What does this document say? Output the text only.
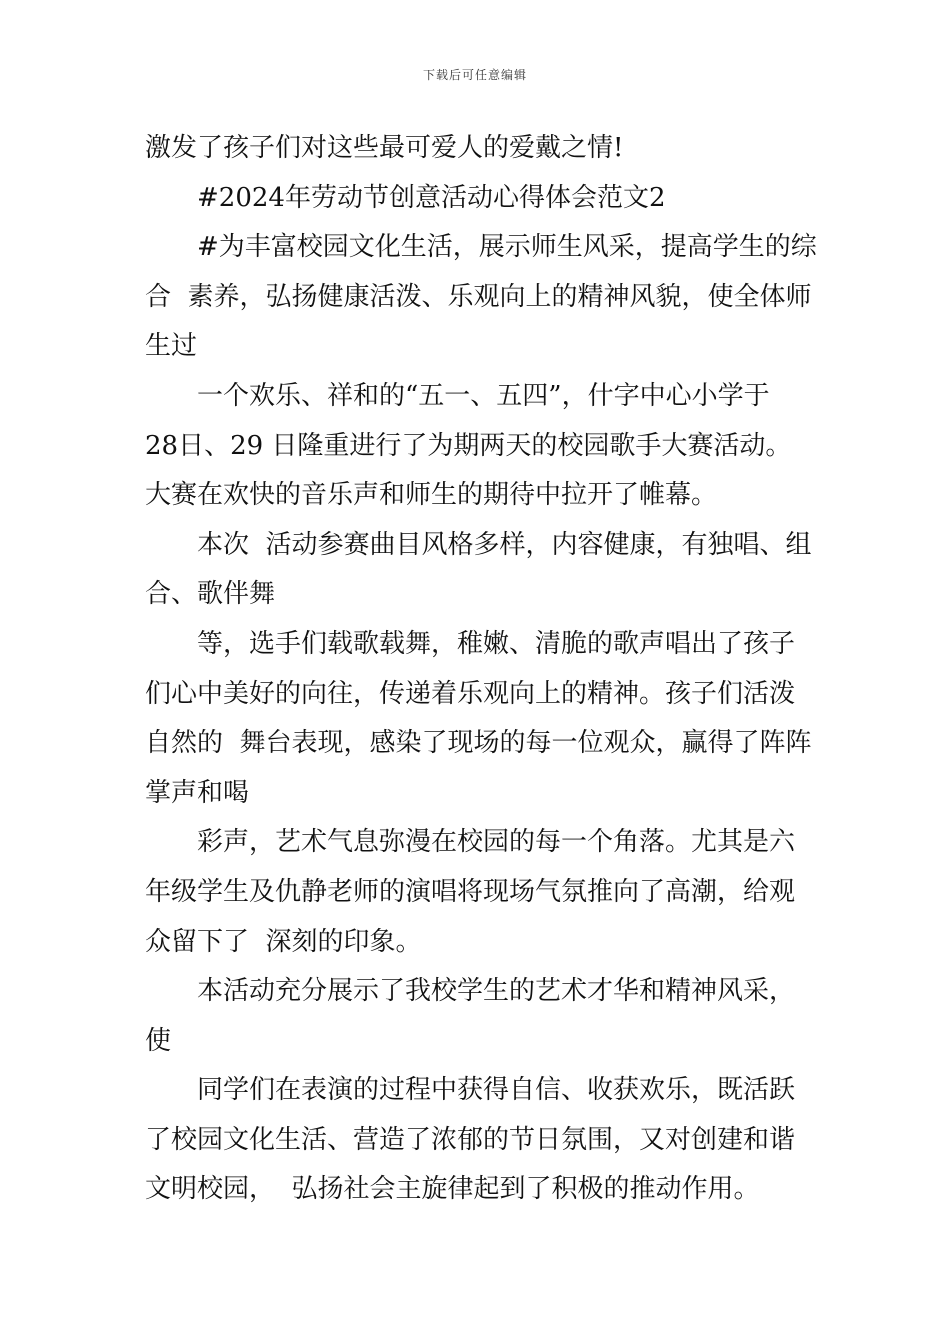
下载后可任意编辑
激发了孩子们对这些最可爱人的爱戴之情!
#2024年劳动节创意活动心得体会范文2
#为丰富校园文化生活，展示师生风采，提高学生的综
合  素养，弘扬健康活泼、乐观向上的精神风貌，使全体师
生过
一个欢乐、祥和的“五一、五四”，什字中心小学于
28日、29 日隆重进行了为期两天的校园歌手大赛活动。
大赛在欢快的音乐声和师生的期待中拉开了帷幕。
本次  活动参赛曲目风格多样，内容健康，有独唱、组
合、歌伴舞
等，选手们载歌载舞，稚嫩、清脆的歌声唱出了孩子
们心中美好的向往，传递着乐观向上的精神。孩子们活泼
自然的  舞台表现，感染了现场的每一位观众，赢得了阵阵
掌声和喝
彩声，艺术气息弥漫在校园的每一个角落。尤其是六
年级学生及仇静老师的演唱将现场气氛推向了高潮，给观
众留下了  深刻的印象。
本活动充分展示了我校学生的艺术才华和精神风采，
使
同学们在表演的过程中获得自信、收获欢乐，既活跃
了校园文化生活、营造了浓郁的节日氛围，又对创建和谐
文明校园，  弘扬社会主旋律起到了积极的推动作用。
